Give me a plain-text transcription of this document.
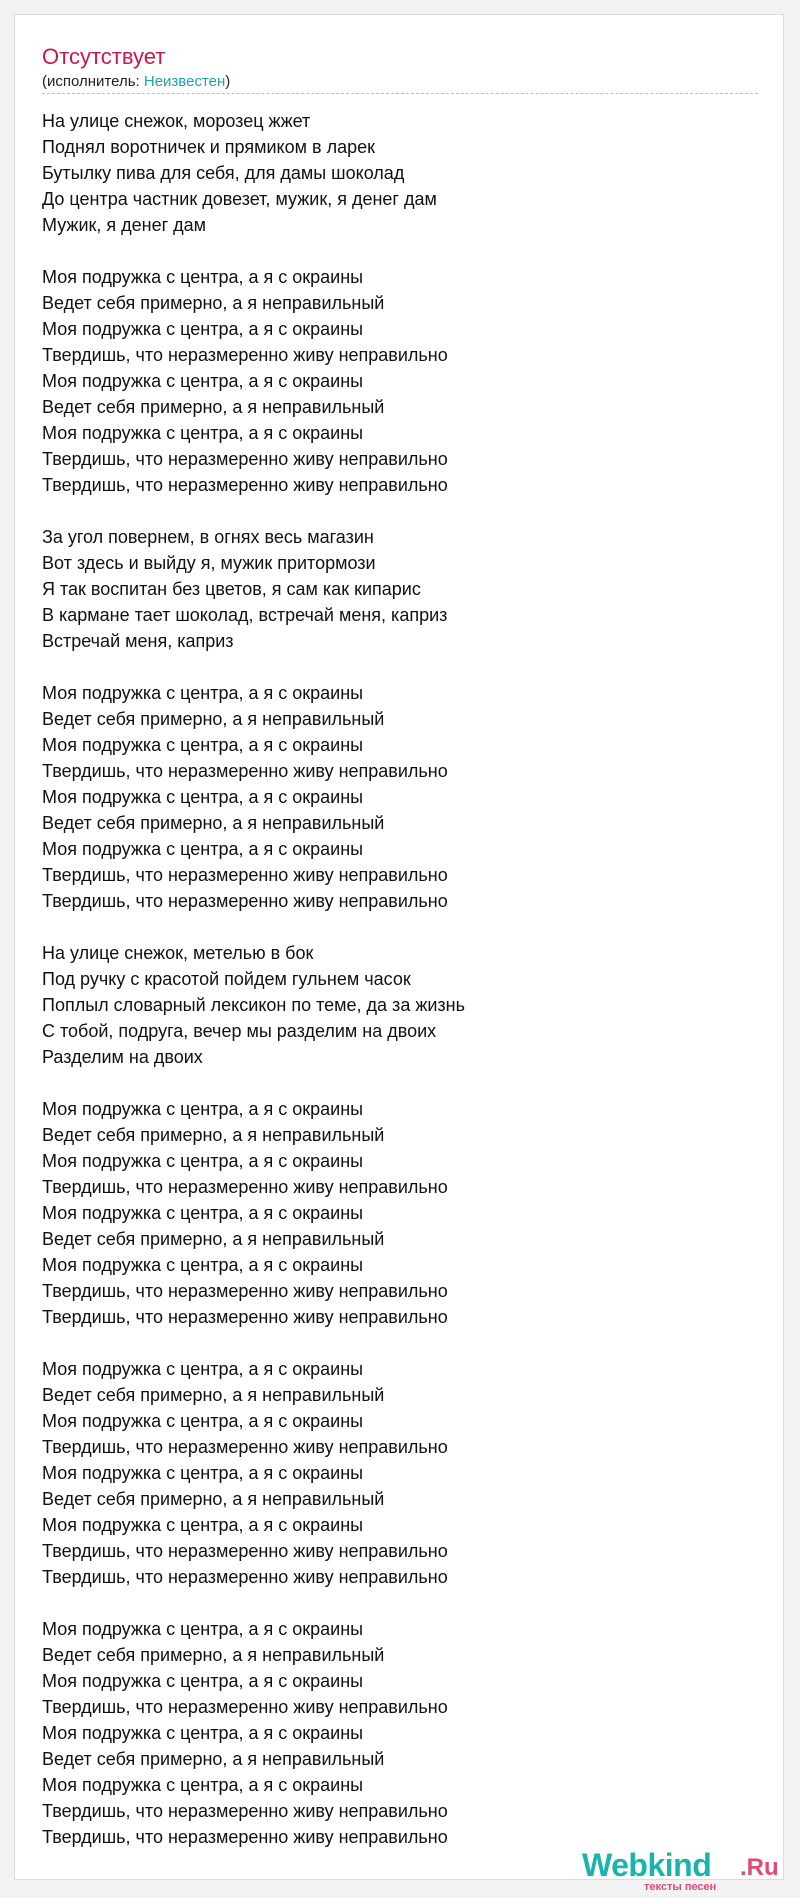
Отсутствует
(исполнитель: Неизвестен)
На улице снежок, морозец жжет
Поднял воротничек и прямиком в ларек
Бутылку пива для себя, для дамы шоколад
До центра частник довезет, мужик, я денег дам
Мужик, я денег дам
Моя подружка с центра, а я с окраины
Ведет себя примерно, а я неправильный
Моя подружка с центра, а я с окраины
Твердишь, что неразмеренно живу неправильно
Моя подружка с центра, а я с окраины
Ведет себя примерно, а я неправильный
Моя подружка с центра, а я с окраины
Твердишь, что неразмеренно живу неправильно
Твердишь, что неразмеренно живу неправильно
За угол повернем, в огнях весь магазин
Вот здесь и выйду я, мужик притормози
Я так воспитан без цветов, я сам как кипарис
В кармане тает шоколад, встречай меня, каприз
Встречай меня, каприз
Моя подружка с центра, а я с окраины
Ведет себя примерно, а я неправильный
Моя подружка с центра, а я с окраины
Твердишь, что неразмеренно живу неправильно
Моя подружка с центра, а я с окраины
Ведет себя примерно, а я неправильный
Моя подружка с центра, а я с окраины
Твердишь, что неразмеренно живу неправильно
Твердишь, что неразмеренно живу неправильно
На улице снежок, метелью в бок
Под ручку с красотой пойдем гульнем часок
Поплыл словарный лексикон по теме, да за жизнь
С тобой, подруга, вечер мы разделим на двоих
Разделим на двоих
Моя подружка с центра, а я с окраины
Ведет себя примерно, а я неправильный
Моя подружка с центра, а я с окраины
Твердишь, что неразмеренно живу неправильно
Моя подружка с центра, а я с окраины
Ведет себя примерно, а я неправильный
Моя подружка с центра, а я с окраины
Твердишь, что неразмеренно живу неправильно
Твердишь, что неразмеренно живу неправильно
Моя подружка с центра, а я с окраины
Ведет себя примерно, а я неправильный
Моя подружка с центра, а я с окраины
Твердишь, что неразмеренно живу неправильно
Моя подружка с центра, а я с окраины
Ведет себя примерно, а я неправильный
Моя подружка с центра, а я с окраины
Твердишь, что неразмеренно живу неправильно
Твердишь, что неразмеренно живу неправильно
Моя подружка с центра, а я с окраины
Ведет себя примерно, а я неправильный
Моя подружка с центра, а я с окраины
Твердишь, что неразмеренно живу неправильно
Моя подружка с центра, а я с окраины
Ведет себя примерно, а я неправильный
Моя подружка с центра, а я с окраины
Твердишь, что неразмеренно живу неправильно
Твердишь, что неразмеренно живу неправильно
Webkind .Ru
тексты песен
